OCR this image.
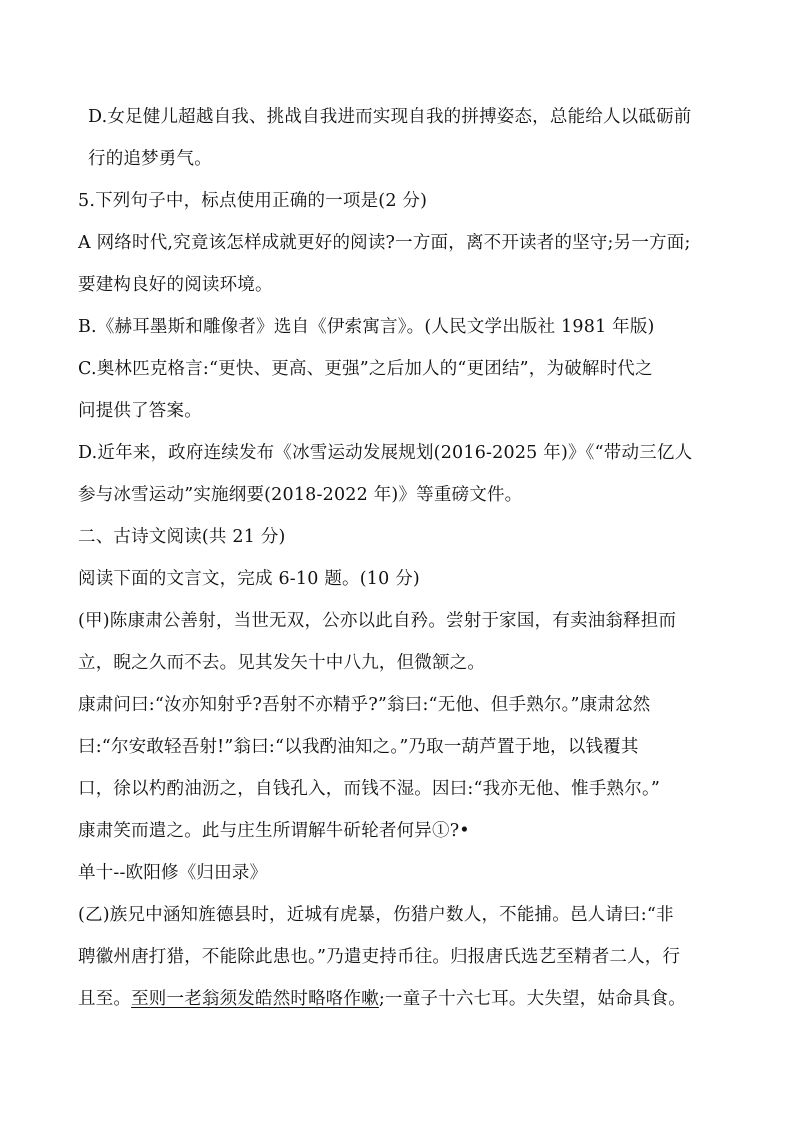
D.女足健儿超越自我、挑战自我进而实现自我的拼搏姿态，总能给人以砥砺前
行的追梦勇气。
5.下列句子中，标点使用正确的一项是(2 分)
A 网络时代,究竟该怎样成就更好的阅读?一方面，离不开读者的坚守;另一方面;
要建构良好的阅读环境。
B.《赫耳墨斯和雕像者》选自《伊索寓言》。(人民文学出版社 1981 年版)
C.奥林匹克格言:“更快、更高、更强”之后加人的“更团结”，为破解时代之
问提供了答案。
D.近年来，政府连续发布《冰雪运动发展规划(2016-2025 年)》《“带动三亿人
参与冰雪运动”实施纲要(2018-2022 年)》等重磅文件。
二、古诗文阅读(共 21 分)
阅读下面的文言文，完成 6-10 题。(10 分)
(甲)陈康肃公善射，当世无双，公亦以此自矜。尝射于家国，有卖油翁释担而
立，睨之久而不去。见其发矢十中八九，但微颔之。
康肃问曰:“汝亦知射乎?吾射不亦精乎?”翁曰:“无他、但手熟尔。”康肃忿然
曰:“尔安敢轻吾射!”翁曰:“以我酌油知之。”乃取一葫芦置于地，以钱覆其
口，徐以杓酌油沥之，自钱孔入，而钱不湿。因曰:“我亦无他、惟手熟尔。”
康肃笑而遣之。此与庄生所谓解牛斫轮者何异①?•
单十--欧阳修《归田录》
(乙)族兄中涵知旌德县时，近城有虎暴，伤猎户数人，不能捕。邑人请曰:“非
聘徽州唐打猎，不能除此患也。”乃遣吏持币往。归报唐氏选艺至精者二人，行
且至。至则一老翁须发皓然时略咯作嗽;一童子十六七耳。大失望，姑命具食。
